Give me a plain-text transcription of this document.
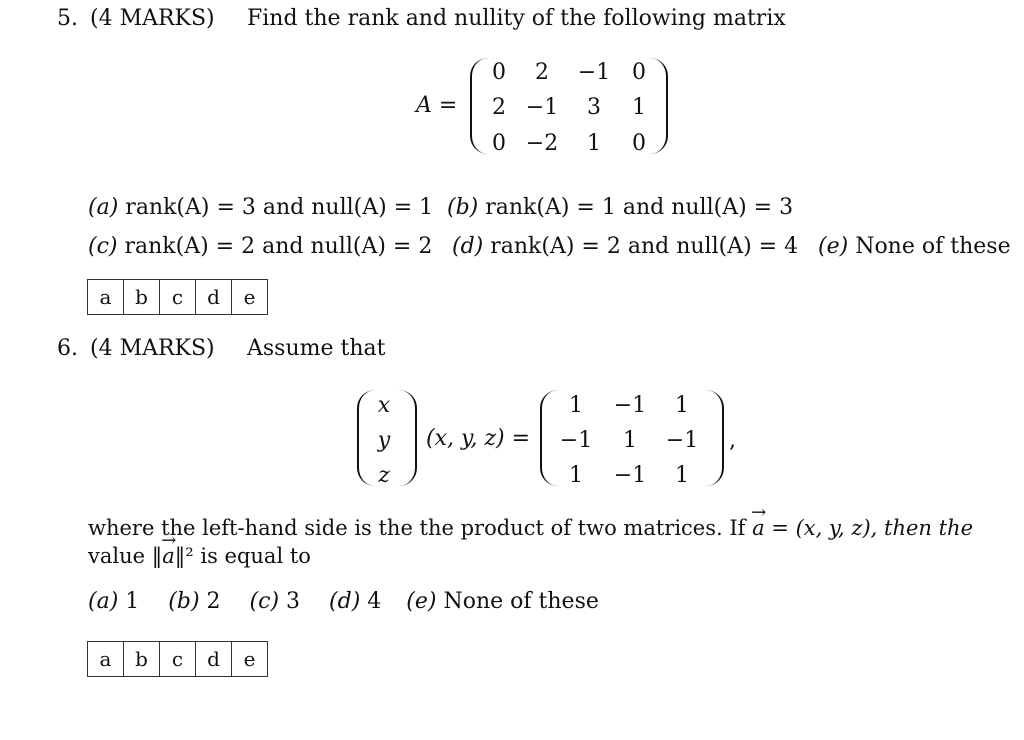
5. (4 MARKS) Find the rank and nullity of the following matrix
A =
0	2	−1 0
2 −1	3	1
0 −2	1	0
(a) rank(A) = 3 and null(A) = 1 (b) rank(A) = 1 and null(A) = 3
(c) rank(A) = 2 and null(A) = 2 (d) rank(A) = 2 and null(A) = 4 (e) None of these
a	b	c	d	e
6. (4 MARKS) Assume that
x
y
z
(x, y, z) =
1	−1	1
−1	1	−1
1	−1	1
,
where the left-hand side is the the product of two matrices. If a → = (x, y, z), then the
value ‖a →‖² is equal to
(a) 1 (b) 2 (c) 3 (d) 4 (e) None of these
a	b	c	d	e
